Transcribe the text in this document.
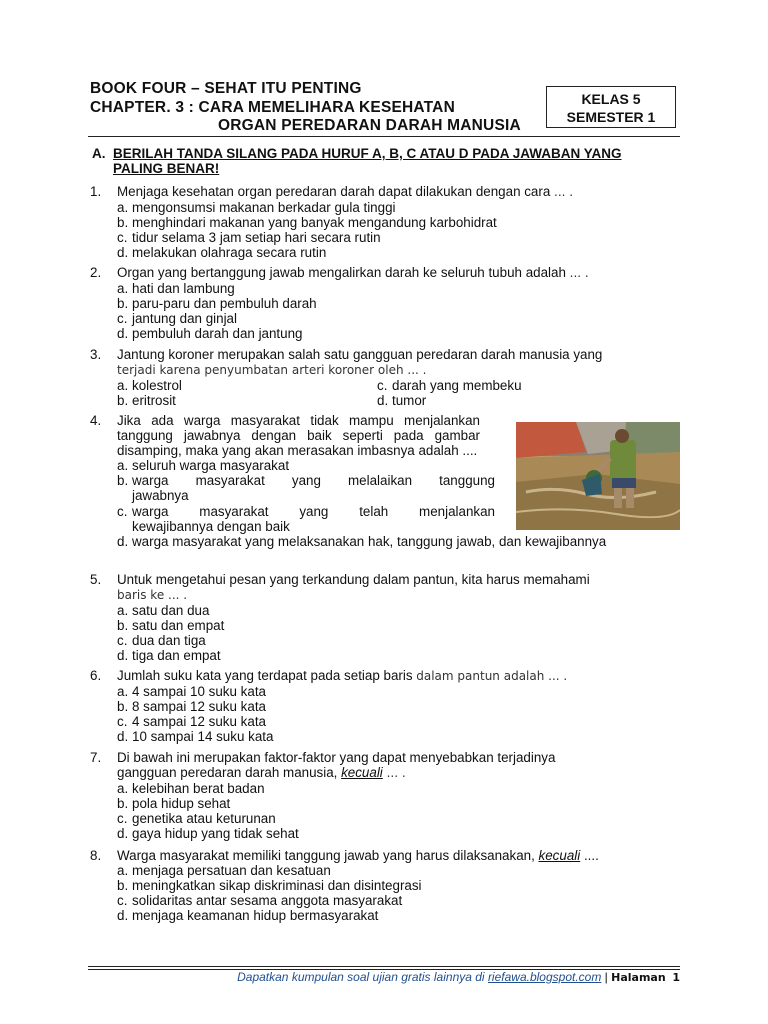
BOOK FOUR – SEHAT ITU PENTING
CHAPTER. 3 : CARA MEMELIHARA KESEHATAN
ORGAN PEREDARAN DARAH MANUSIA
KELAS 5
SEMESTER 1
A. BERILAH TANDA SILANG PADA HURUF A, B, C ATAU D PADA JAWABAN YANG PALING BENAR!
1. Menjaga kesehatan organ peredaran darah dapat dilakukan dengan cara ... .
a. mengonsumsi makanan berkadar gula tinggi
b. menghindari makanan yang banyak mengandung karbohidrat
c. tidur selama 3 jam setiap hari secara rutin
d. melakukan olahraga secara rutin
2. Organ yang bertanggung jawab mengalirkan darah ke seluruh tubuh adalah ... .
a. hati dan lambung
b. paru-paru dan pembuluh darah
c. jantung dan ginjal
d. pembuluh darah dan jantung
3. Jantung koroner merupakan salah satu gangguan peredaran darah manusia yang
terjadi karena penyumbatan arteri koroner oleh ... .
a. kolestrol	c. darah yang membeku
b. eritrosit	d. tumor
4. Jika ada warga masyarakat tidak mampu menjalankan tanggung jawabnya dengan baik seperti pada gambar disamping, maka yang akan merasakan imbasnya adalah ....
a. seluruh warga masyarakat
b. warga masyarakat yang melalaikan tanggung
jawabnya
c. warga masyarakat yang telah menjalankan
kewajibannya dengan baik
d. warga masyarakat yang melaksanakan hak, tanggung jawab, dan kewajibannya
5. Untuk mengetahui pesan yang terkandung dalam pantun, kita harus memahami
baris ke ... .
a. satu dan dua
b. satu dan empat
c. dua dan tiga
d. tiga dan empat
6. Jumlah suku kata yang terdapat pada setiap baris dalam pantun adalah ... .
a. 4 sampai 10 suku kata
b. 8 sampai 12 suku kata
c. 4 sampai 12 suku kata
d. 10 sampai 14 suku kata
7. Di bawah ini merupakan faktor-faktor yang dapat menyebabkan terjadinya
gangguan peredaran darah manusia, kecuali ... .
a. kelebihan berat badan
b. pola hidup sehat
c. genetika atau keturunan
d. gaya hidup yang tidak sehat
8. Warga masyarakat memiliki tanggung jawab yang harus dilaksanakan, kecuali ....
a. menjaga persatuan dan kesatuan
b. meningkatkan sikap diskriminasi dan disintegrasi
c. solidaritas antar sesama anggota masyarakat
d. menjaga keamanan hidup bermasyarakat
Dapatkan kumpulan soal ujian gratis lainnya di riefawa.blogspot.com | Halaman 1
